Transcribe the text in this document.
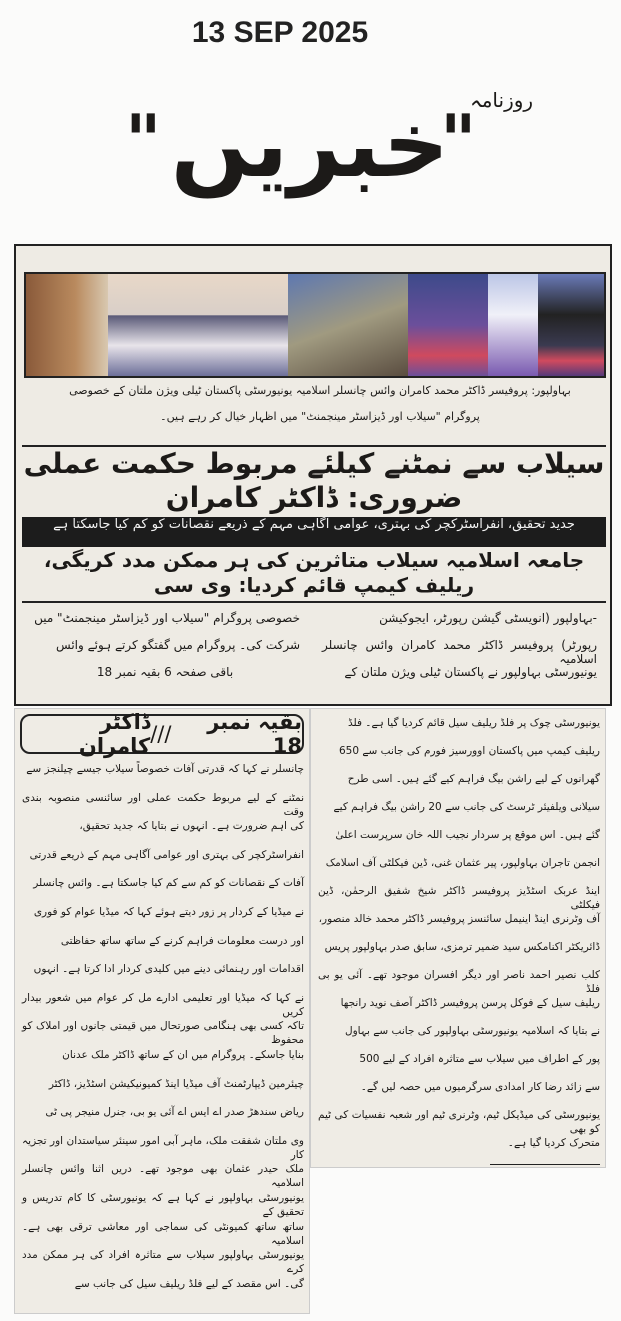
13 SEP 2025
روزنامہ
"
خبریں
"
بہاولپور: پروفیسر ڈاکٹر محمد کامران وائس چانسلر اسلامیہ یونیورسٹی پاکستان ٹیلی ویژن ملتان کے خصوصی
پروگرام "سیلاب اور ڈیزاسٹر مینجمنٹ" میں اظہار خیال کر رہے ہیں۔
سیلاب سے نمٹنے کیلئے مربوط حکمت عملی ضروری: ڈاکٹر کامران
جدید تحقیق، انفراسٹرکچر کی بہتری، عوامی آگاہی مہم کے ذریعے نقصانات کو کم کیا جاسکتا ہے
جامعہ اسلامیہ سیلاب متاثرین کی ہر ممکن مدد کریگی، ریلیف کیمپ قائم کردیا: وی سی
-بہاولپور (انویسٹی گیشن رپورٹر، ایجوکیشن
رپورٹر) پروفیسر ڈاکٹر محمد کامران وائس چانسلر اسلامیہ
یونیورسٹی بہاولپور نے پاکستان ٹیلی ویژن ملتان کے
خصوصی پروگرام "سیلاب اور ڈیزاسٹر مینجمنٹ" میں
شرکت کی۔ پروگرام میں گفتگو کرتے ہوئے وائس
باقی صفحہ 6 بقیہ نمبر 18
بقیہ نمبر 18
///
ڈاکٹر کامران
چانسلر نے کہا کہ قدرتی آفات خصوصاً سیلاب جیسے چیلنجز سے
نمٹنے کے لیے مربوط حکمت عملی اور سائنسی منصوبہ بندی وقت
کی اہم ضرورت ہے۔ انہوں نے بتایا کہ جدید تحقیق،
انفراسٹرکچر کی بہتری اور عوامی آگاہی مہم کے ذریعے قدرتی
آفات کے نقصانات کو کم سے کم کیا جاسکتا ہے۔ وائس چانسلر
نے میڈیا کے کردار پر زور دیتے ہوئے کہا کہ میڈیا عوام کو فوری
اور درست معلومات فراہم کرنے کے ساتھ ساتھ حفاظتی
اقدامات اور رہنمائی دینے میں کلیدی کردار ادا کرتا ہے۔ انہوں
نے کہا کہ میڈیا اور تعلیمی ادارے مل کر عوام میں شعور بیدار کریں
تاکہ کسی بھی ہنگامی صورتحال میں قیمتی جانوں اور املاک کو محفوظ
بنایا جاسکے۔ پروگرام میں ان کے ساتھ ڈاکٹر ملک عدنان
چیئرمین ڈیپارٹمنٹ آف میڈیا اینڈ کمیونیکیشن اسٹڈیز، ڈاکٹر
ریاض سندھڑ صدر اے ایس اے آئی یو بی، جنرل منیجر پی ٹی
وی ملتان شفقت ملک، ماہر آبی امور سینئر سیاستدان اور تجزیہ کار
ملک حیدر عثمان بھی موجود تھے۔ دریں اثنا وائس چانسلر اسلامیہ
یونیورسٹی بہاولپور نے کہا ہے کہ یونیورسٹی کا کام تدریس و تحقیق کے
ساتھ ساتھ کمیونٹی کی سماجی اور معاشی ترقی بھی ہے۔ اسلامیہ
یونیورسٹی بہاولپور سیلاب سے متاثرہ افراد کی ہر ممکن مدد کرے
گی۔ اس مقصد کے لیے فلڈ ریلیف سیل کی جانب سے
یونیورسٹی چوک پر فلڈ ریلیف سیل قائم کردیا گیا ہے۔ فلڈ
ریلیف کیمپ میں پاکستان اوورسیز فورم کی جانب سے 650
گھرانوں کے لیے راشن بیگ فراہم کیے گئے ہیں۔ اسی طرح
سیلانی ویلفیئر ٹرسٹ کی جانب سے 20 راشن بیگ فراہم کیے
گئے ہیں۔ اس موقع پر سردار نجیب اللہ خان سرپرست اعلیٰ
انجمن تاجران بہاولپور، پیر عثمان غنی، ڈین فیکلٹی آف اسلامک
اینڈ عربک اسٹڈیز پروفیسر ڈاکٹر شیخ شفیق الرحمٰن، ڈین فیکلٹی
آف وٹرنری اینڈ اینیمل سائنسز پروفیسر ڈاکٹر محمد خالد منصور،
ڈائریکٹر اکنامکس سید ضمیر ترمزی، سابق صدر بہاولپور پریس
کلب نصیر احمد ناصر اور دیگر افسران موجود تھے۔ آئی یو بی فلڈ
ریلیف سیل کے فوکل پرسن پروفیسر ڈاکٹر آصف نوید رانجھا
نے بتایا کہ اسلامیہ یونیورسٹی بہاولپور کی جانب سے بہاول
پور کے اطراف میں سیلاب سے متاثرہ افراد کے لیے 500
سے زائد رضا کار امدادی سرگرمیوں میں حصہ لیں گے۔
یونیورسٹی کی میڈیکل ٹیم، وٹرنری ٹیم اور شعبہ نفسیات کی ٹیم کو بھی
متحرک کردیا گیا ہے۔
